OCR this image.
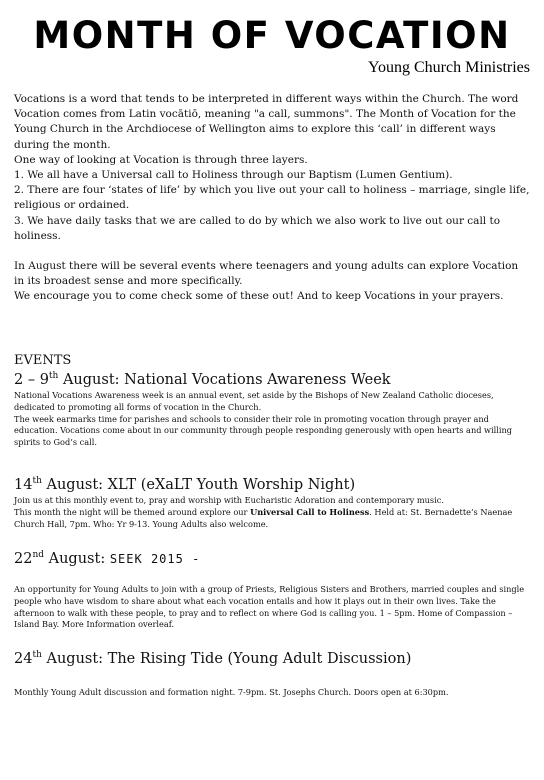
MONTH OF VOCATION
Young Church Ministries

Vocations is a word that tends to be interpreted in different ways within the Church. The word Vocation comes from Latin vocātiō, meaning "a call, summons". The Month of Vocation for the Young Church in the Archdiocese of Wellington aims to explore this ‘call’ in different ways during the month.

One way of looking at Vocation is through three layers.

1. We all have a Universal call to Holiness through our Baptism (Lumen Gentium).

2. There are four ‘states of life’ by which you live out your call to holiness – marriage, single life, religious or ordained.

3. We have daily tasks that we are called to do by which we also work to live out our call to holiness.

In August there will be several events where teenagers and young adults can explore Vocation in its broadest sense and more specifically.

We encourage you to come check some of these out! And to keep Vocations in your prayers.

EVENTS
2 – 9th August: National Vocations Awareness Week

National Vocations Awareness week is an annual event, set aside by the Bishops of New Zealand Catholic dioceses, dedicated to promoting all forms of vocation in the Church.

The week earmarks time for parishes and schools to consider their role in promoting vocation through prayer and education. Vocations come about in our community through people responding generously with open hearts and willing spirits to God’s call.

14th August: XLT (eXaLT Youth Worship Night)

Join us at this monthly event to, pray and worship with Eucharistic Adoration and contemporary music.

This month the night will be themed around explore our Universal Call to Holiness. Held at: St. Bernadette’s Naenae Church Hall, 7pm. Who: Yr 9-13. Young Adults also welcome.

22nd August: SEEK 2015 -

An opportunity for Young Adults to join with a group of Priests, Religious Sisters and Brothers, married couples and single people who have wisdom to share about what each vocation entails and how it plays out in their own lives. Take the afternoon to walk with these people, to pray and to reflect on where God is calling you. 1 – 5pm. Home of Compassion – Island Bay. More Information overleaf.

24th August: The Rising Tide (Young Adult Discussion)

Monthly Young Adult discussion and formation night. 7-9pm. St. Josephs Church. Doors open at 6:30pm.
